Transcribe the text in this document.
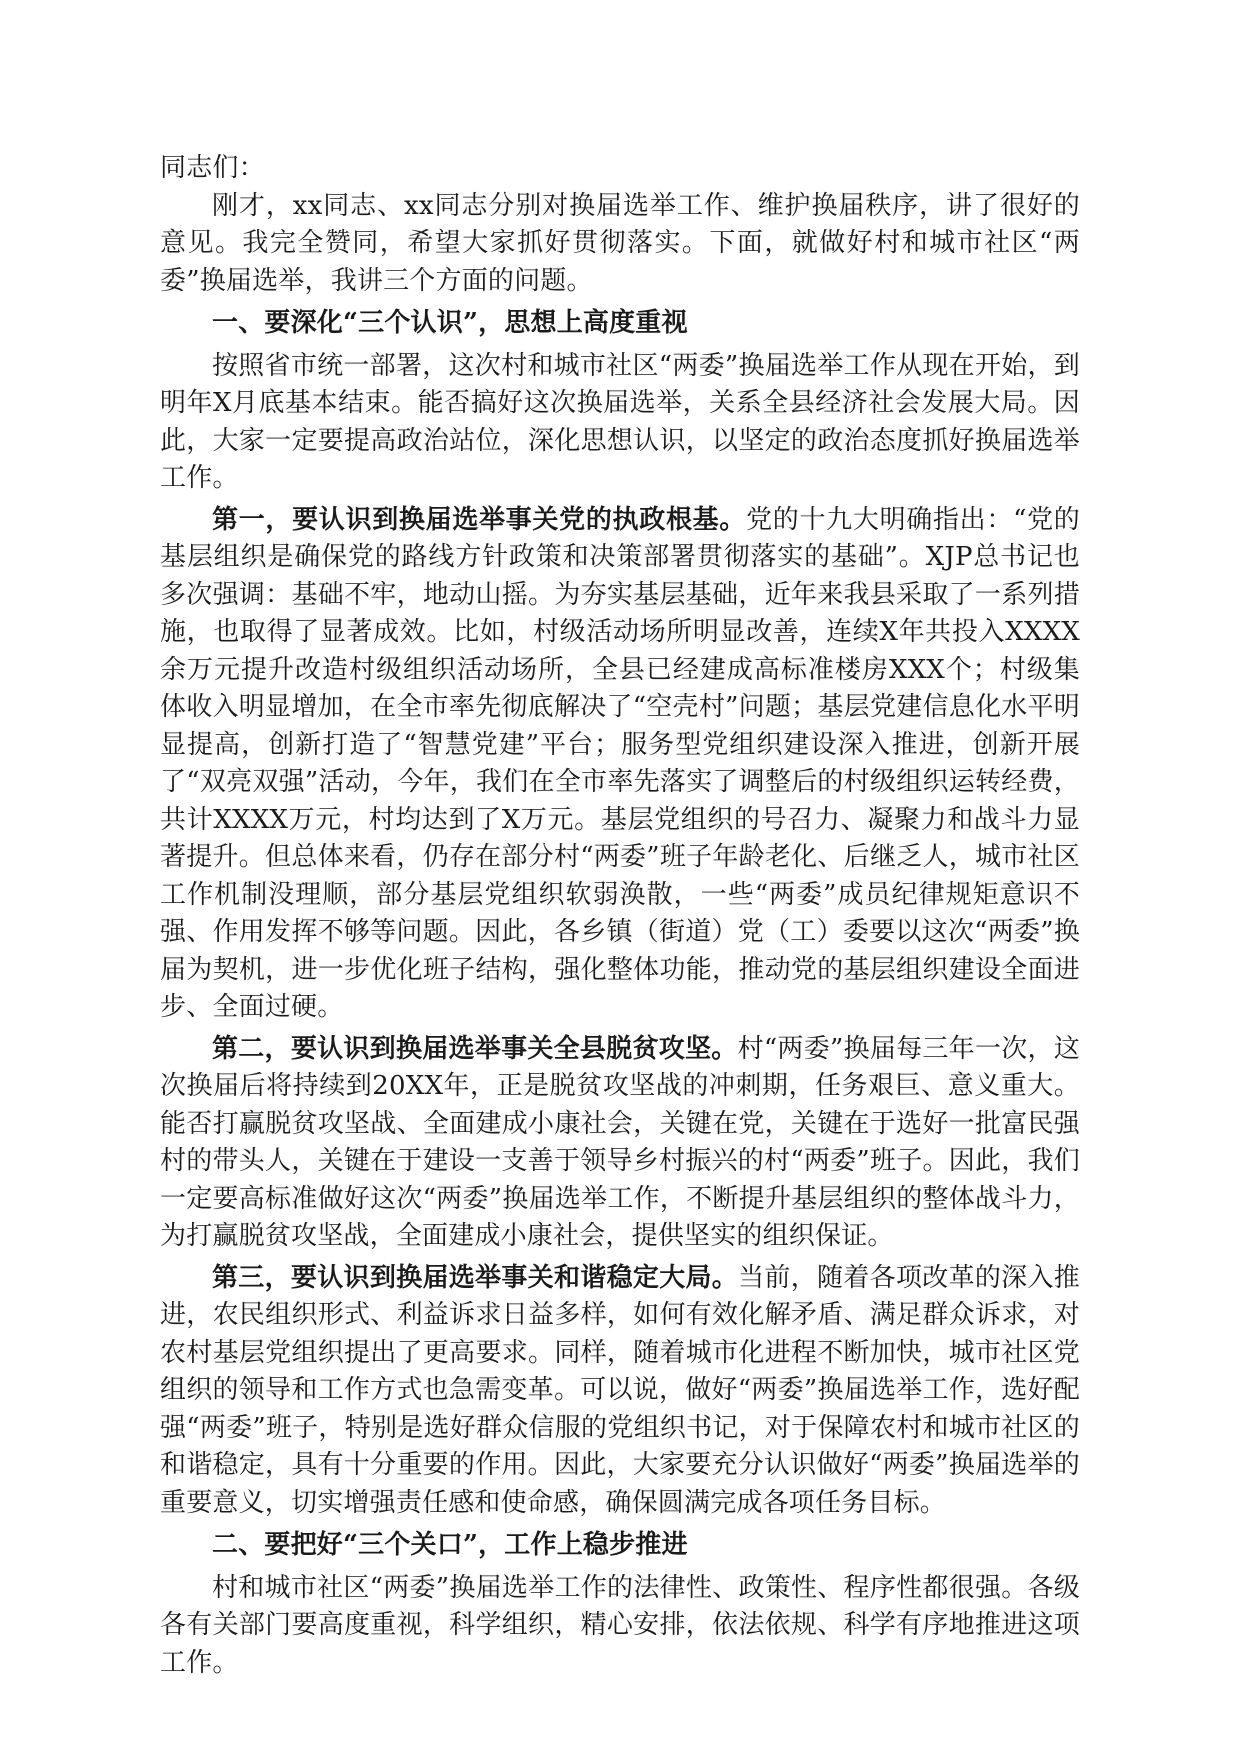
同志们：

刚才，xx同志、xx同志分别对换届选举工作、维护换届秩序，讲了很好的意见。我完全赞同，希望大家抓好贯彻落实。下面，就做好村和城市社区“两委”换届选举，我讲三个方面的问题。

一、要深化“三个认识”，思想上高度重视

按照省市统一部署，这次村和城市社区“两委”换届选举工作从现在开始，到明年X月底基本结束。能否搞好这次换届选举，关系全县经济社会发展大局。因此，大家一定要提高政治站位，深化思想认识，以坚定的政治态度抓好换届选举工作。

第一，要认识到换届选举事关党的执政根基。党的十九大明确指出：“党的基层组织是确保党的路线方针政策和决策部署贯彻落实的基础”。XJP总书记也多次强调：基础不牢，地动山摇。为夯实基层基础，近年来我县采取了一系列措施，也取得了显著成效。比如，村级活动场所明显改善，连续X年共投入XXXX余万元提升改造村级组织活动场所，全县已经建成高标准楼房XXX个；村级集体收入明显增加，在全市率先彻底解决了“空壳村”问题；基层党建信息化水平明显提高，创新打造了“智慧党建”平台；服务型党组织建设深入推进，创新开展了“双亮双强”活动，今年，我们在全市率先落实了调整后的村级组织运转经费，共计XXXX万元，村均达到了X万元。基层党组织的号召力、凝聚力和战斗力显著提升。但总体来看，仍存在部分村“两委”班子年龄老化、后继乏人，城市社区工作机制没理顺，部分基层党组织软弱涣散，一些“两委”成员纪律规矩意识不强、作用发挥不够等问题。因此，各乡镇（街道）党（工）委要以这次“两委”换届为契机，进一步优化班子结构，强化整体功能，推动党的基层组织建设全面进步、全面过硬。

第二，要认识到换届选举事关全县脱贫攻坚。村“两委”换届每三年一次，这次换届后将持续到20XX年，正是脱贫攻坚战的冲刺期，任务艰巨、意义重大。能否打赢脱贫攻坚战、全面建成小康社会，关键在党，关键在于选好一批富民强村的带头人，关键在于建设一支善于领导乡村振兴的村“两委”班子。因此，我们一定要高标准做好这次“两委”换届选举工作，不断提升基层组织的整体战斗力，为打赢脱贫攻坚战，全面建成小康社会，提供坚实的组织保证。

第三，要认识到换届选举事关和谐稳定大局。当前，随着各项改革的深入推进，农民组织形式、利益诉求日益多样，如何有效化解矛盾、满足群众诉求，对农村基层党组织提出了更高要求。同样，随着城市化进程不断加快，城市社区党组织的领导和工作方式也急需变革。可以说，做好“两委”换届选举工作，选好配强“两委”班子，特别是选好群众信服的党组织书记，对于保障农村和城市社区的和谐稳定，具有十分重要的作用。因此，大家要充分认识做好“两委”换届选举的重要意义，切实增强责任感和使命感，确保圆满完成各项任务目标。

二、要把好“三个关口”，工作上稳步推进

村和城市社区“两委”换届选举工作的法律性、政策性、程序性都很强。各级各有关部门要高度重视，科学组织，精心安排，依法依规、科学有序地推进这项工作。
